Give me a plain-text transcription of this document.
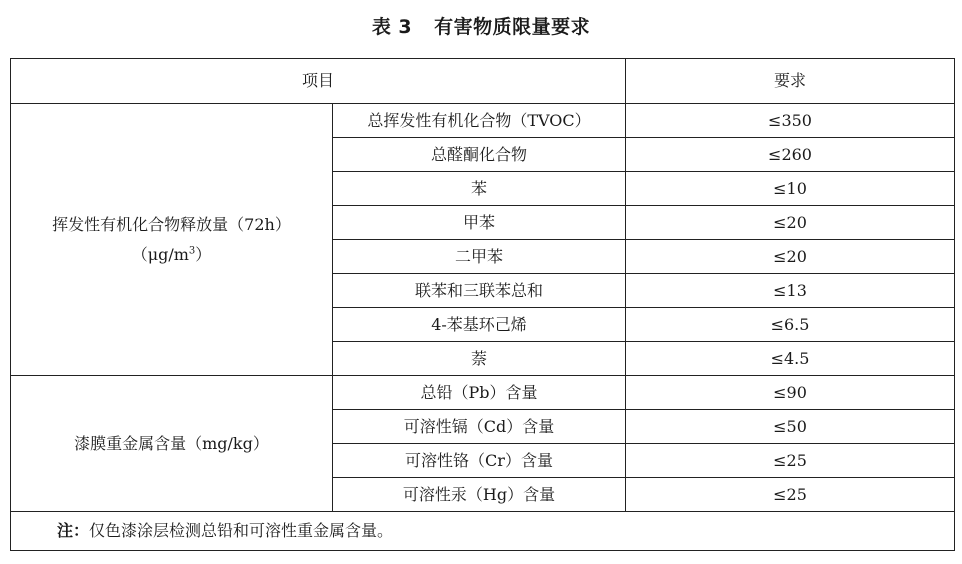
表 3 有害物质限量要求
项目		要求
挥发性有机化合物释放量（72h）
$(\mu g/m^3)$	总挥发性有机化合物（TVOC）	≤350
	总醛酮化合物	≤260
	苯	≤10
	甲苯	≤20
	二甲苯	≤20
	联苯和三联苯总和	≤13
	4-苯基环己烯	≤6.5
	萘	≤4.5
漆膜重金属含量（mg/kg）	总铅（Pb）含量	≤90
	可溶性镉（Cd）含量	≤50
	可溶性铬（Cr）含量	≤25
	可溶性汞（Hg）含量	≤25
注：仅色漆涂层检测总铅和可溶性重金属含量。		
